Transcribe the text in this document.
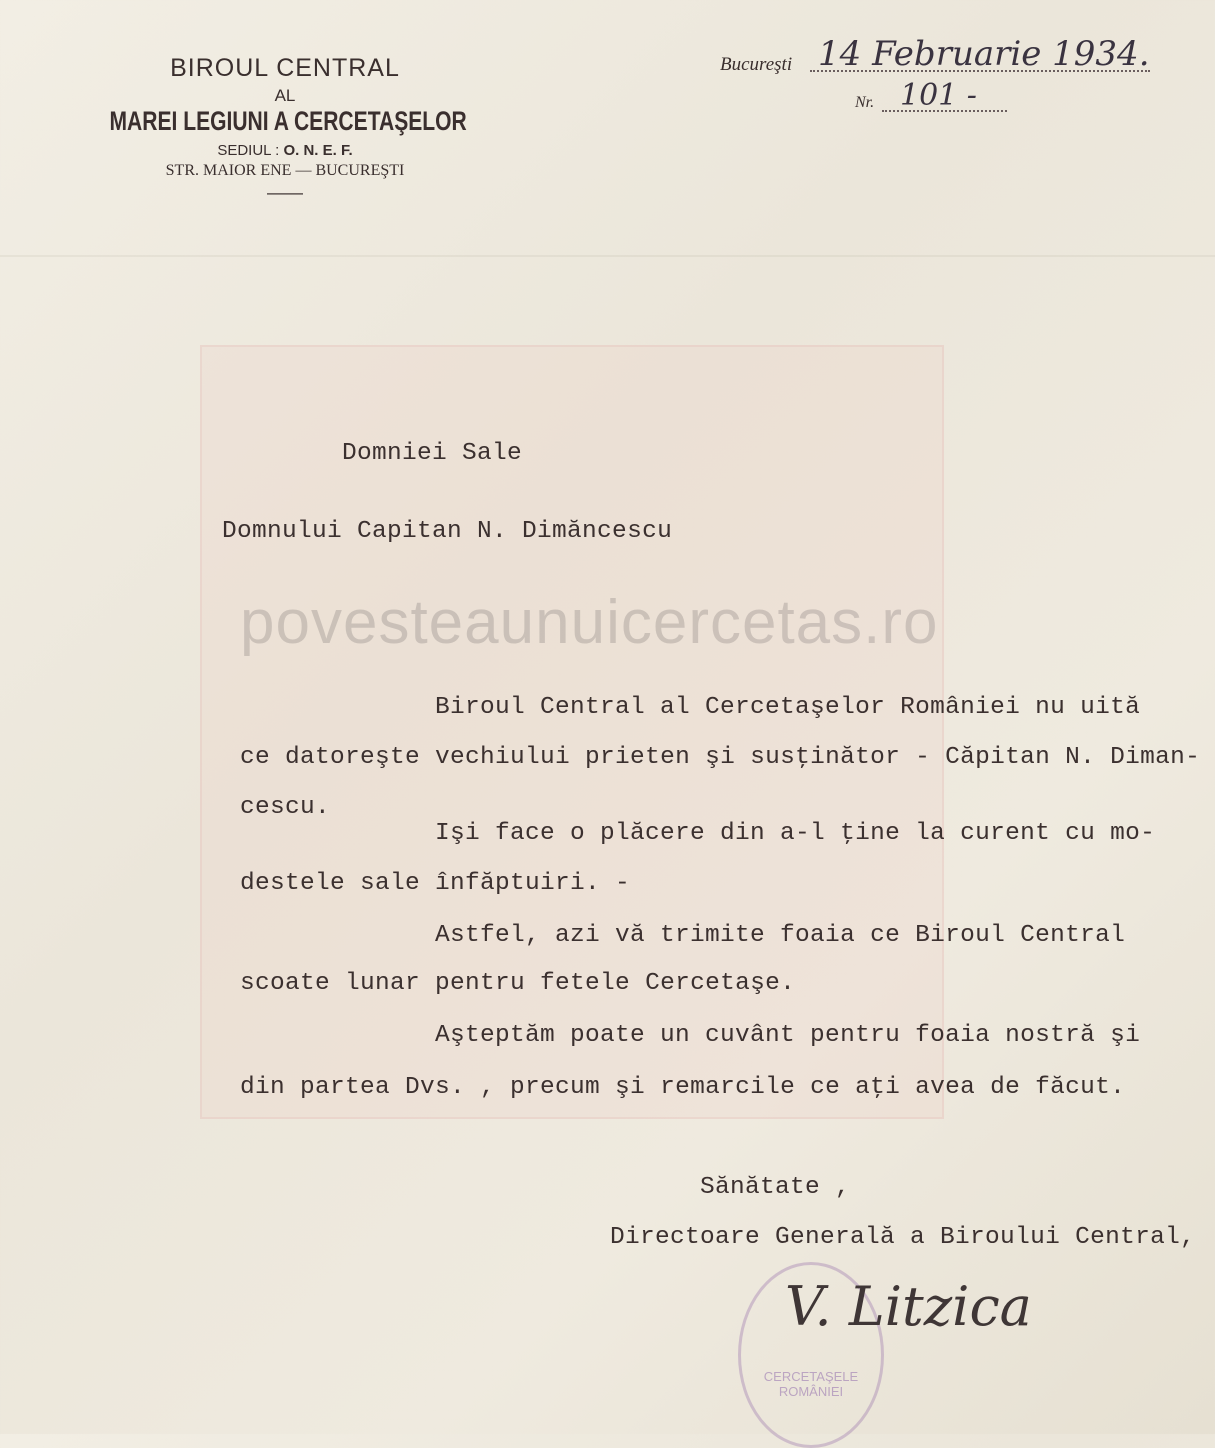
BIROUL CENTRAL
AL
MAREI LEGIUNI A CERCETAŞELOR
SEDIUL : O. N. E. F.
STR. MAIOR ENE — BUCUREŞTI
———
Bucureşti 14 Februarie 1934.
Nr. 101 -
povesteaunuicercetas.ro
Domniei Sale
Domnului Capitan N. Dimăncescu
Biroul Central al Cercetaşelor României nu uită
ce datoreşte vechiului prieten şi susţinător - Căpitan N. Diman-
cescu.
Işi face o plăcere din a-l ţine la curent cu mo-
destele sale înfăptuiri. -
Astfel, azi vă trimite foaia ce Biroul Central
scoate lunar pentru fetele Cercetaşe.
Aşteptăm poate un cuvânt pentru foaia nostră şi
din partea Dvs. , precum şi remarcile ce aţi avea de făcut.
Sănătate ,
Directoare Generală a Biroului Central,
CERCETAŞELE ROMÂNIEI
V. Litzica
